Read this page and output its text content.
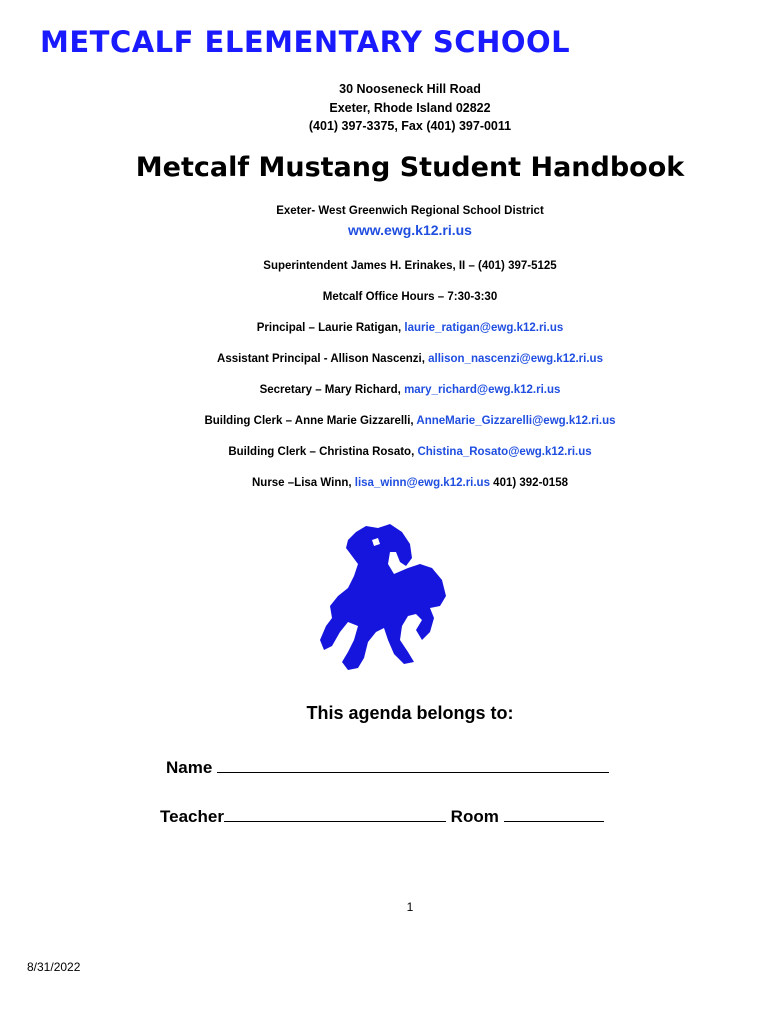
METCALF ELEMENTARY SCHOOL
30 Nooseneck Hill Road
Exeter, Rhode Island 02822
(401) 397-3375, Fax (401) 397-0011
Metcalf Mustang Student Handbook
Exeter- West Greenwich Regional School District
www.ewg.k12.ri.us
Superintendent James H. Erinakes, II – (401) 397-5125
Metcalf Office Hours – 7:30-3:30
Principal – Laurie Ratigan, laurie_ratigan@ewg.k12.ri.us
Assistant Principal - Allison Nascenzi, allison_nascenzi@ewg.k12.ri.us
Secretary – Mary Richard, mary_richard@ewg.k12.ri.us
Building Clerk – Anne Marie Gizzarelli, AnneMarie_Gizzarelli@ewg.k12.ri.us
Building Clerk – Christina Rosato, Chistina_Rosato@ewg.k12.ri.us
Nurse –Lisa Winn, lisa_winn@ewg.k12.ri.us 401) 392-0158
This agenda belongs to:
Name
Teacher	Room
1
8/31/2022
